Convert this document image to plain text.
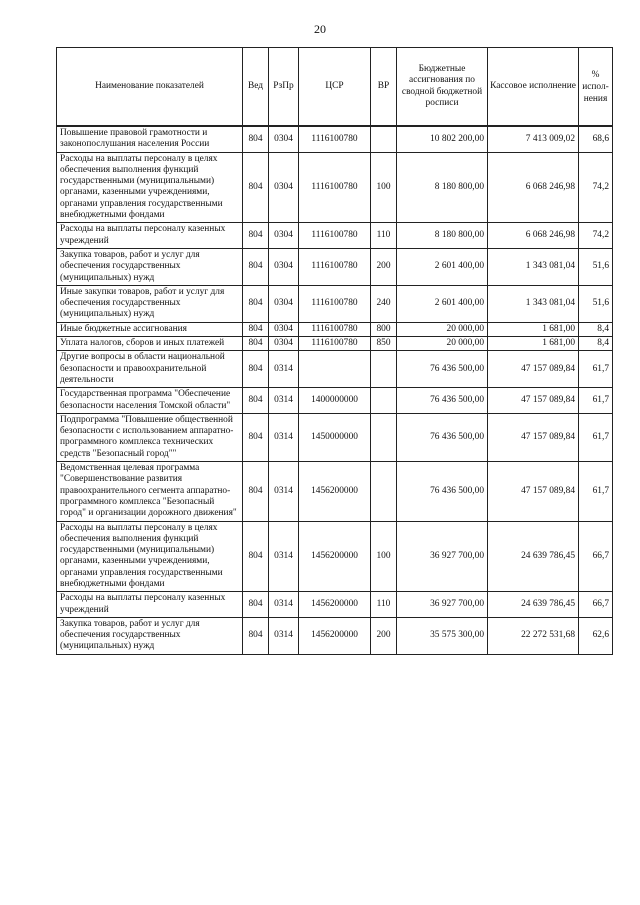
20
Наименование показателей	Вед	РзПр	ЦСР	ВР	Бюджетные ассигнования по сводной бюджетной росписи	Кассовое исполнение	% испол-нения
Повышение правовой грамотности и законопослушания населения России	804	0304	1116100780		10 802 200,00	7 413 009,02	68,6
Расходы на выплаты персоналу в целях обеспечения выполнения функций государственными (муниципальными) органами, казенными учреждениями, органами управления государственными внебюджетными фондами	804	0304	1116100780	100	8 180 800,00	6 068 246,98	74,2
Расходы на выплаты персоналу казенных учреждений	804	0304	1116100780	110	8 180 800,00	6 068 246,98	74,2
Закупка товаров, работ и услуг для обеспечения государственных (муниципальных) нужд	804	0304	1116100780	200	2 601 400,00	1 343 081,04	51,6
Иные закупки товаров, работ и услуг для обеспечения государственных (муниципальных) нужд	804	0304	1116100780	240	2 601 400,00	1 343 081,04	51,6
Иные бюджетные ассигнования	804	0304	1116100780	800	20 000,00	1 681,00	8,4
Уплата налогов, сборов и иных платежей	804	0304	1116100780	850	20 000,00	1 681,00	8,4
Другие вопросы в области национальной безопасности и правоохранительной деятельности	804	0314			76 436 500,00	47 157 089,84	61,7
Государственная программа "Обеспечение безопасности населения Томской области"	804	0314	1400000000		76 436 500,00	47 157 089,84	61,7
Подпрограмма "Повышение общественной безопасности с использованием аппаратно-программного комплекса технических средств "Безопасный город""	804	0314	1450000000		76 436 500,00	47 157 089,84	61,7
Ведомственная целевая программа "Совершенствование развития правоохранительного сегмента аппаратно-программного комплекса "Безопасный город" и организации дорожного движения"	804	0314	1456200000		76 436 500,00	47 157 089,84	61,7
Расходы на выплаты персоналу в целях обеспечения выполнения функций государственными (муниципальными) органами, казенными учреждениями, органами управления государственными внебюджетными фондами	804	0314	1456200000	100	36 927 700,00	24 639 786,45	66,7
Расходы на выплаты персоналу казенных учреждений	804	0314	1456200000	110	36 927 700,00	24 639 786,45	66,7
Закупка товаров, работ и услуг для обеспечения государственных (муниципальных) нужд	804	0314	1456200000	200	35 575 300,00	22 272 531,68	62,6
